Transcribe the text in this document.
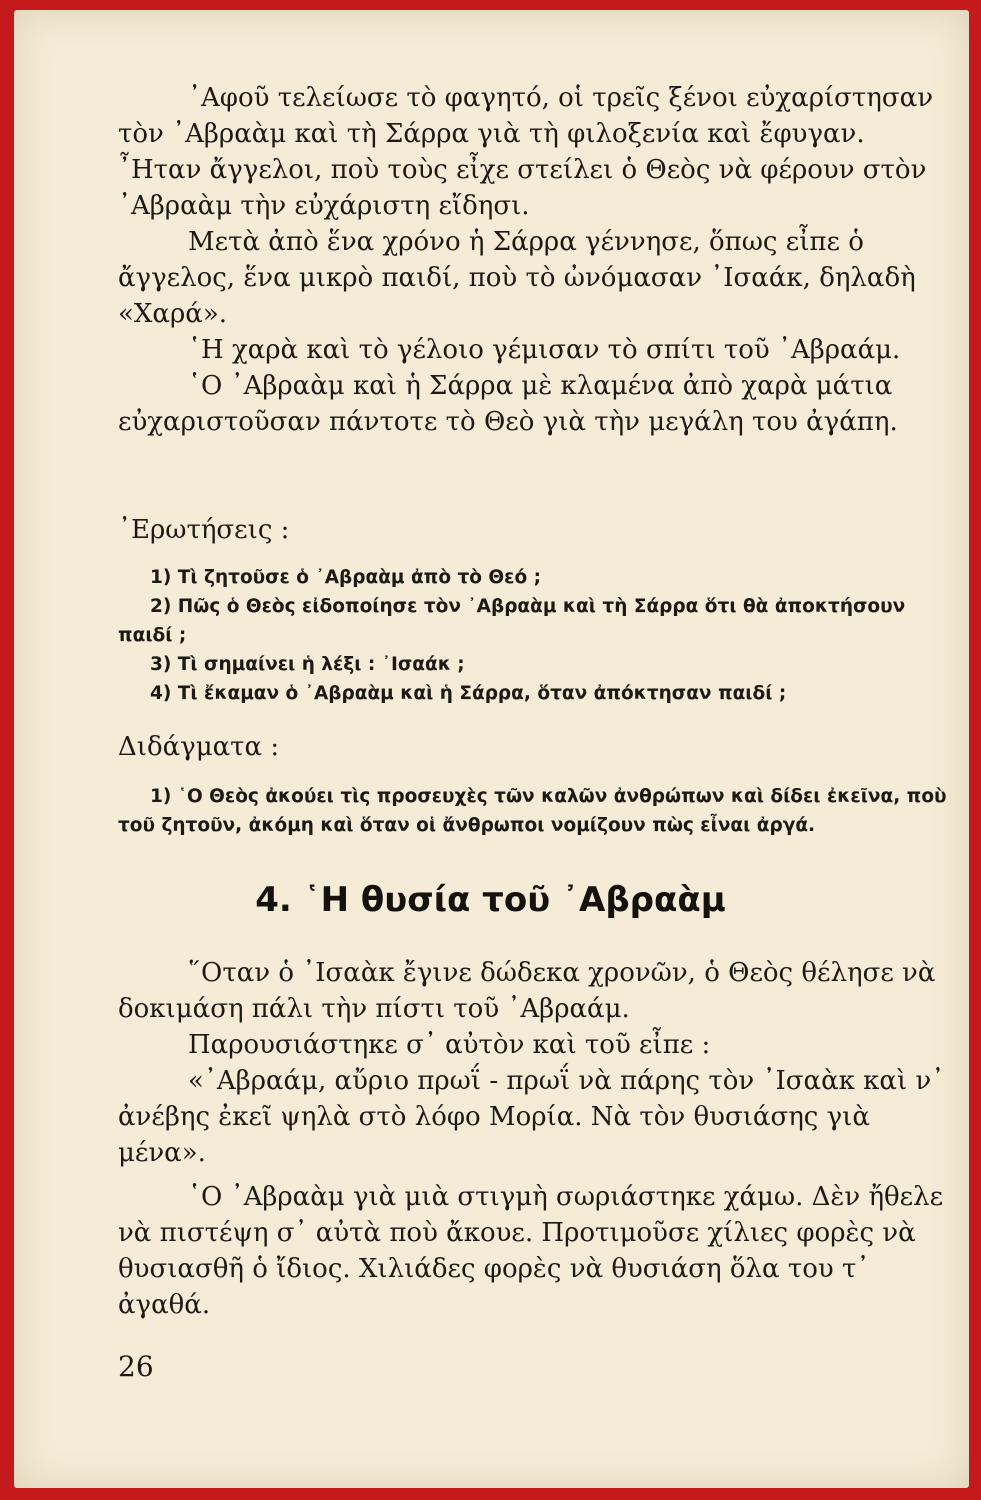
᾿Αφοῦ τελείωσε τὸ φαγητό, οἱ τρεῖς ξένοι εὐχαρίστησαν τὸν ᾿Αβραὰμ καὶ τὴ Σάρρα γιὰ τὴ φιλοξενία καὶ ἔφυγαν. ῏Ηταν ἄγγελοι, ποὺ τοὺς εἶχε στείλει ὁ Θεὸς νὰ φέρουν στὸν ᾿Αβραὰμ τὴν εὐχάριστη εἴδησι.

Μετὰ ἀπὸ ἕνα χρόνο ἡ Σάρρα γέννησε, ὅπως εἶπε ὁ ἄγγελος, ἕνα μικρὸ παιδί, ποὺ τὸ ὠνόμασαν ᾿Ισαάκ, δηλαδὴ «Χαρά».

῾Η χαρὰ καὶ τὸ γέλοιο γέμισαν τὸ σπίτι τοῦ ᾿Αβραάμ.

῾Ο ᾿Αβραὰμ καὶ ἡ Σάρρα μὲ κλαμένα ἀπὸ χαρὰ μάτια εὐχαριστοῦσαν πάντοτε τὸ Θεὸ γιὰ τὴν μεγάλη του ἀγάπη.

᾿Ερωτήσεις :

1) Τὶ ζητοῦσε ὁ ᾿Αβραὰμ ἀπὸ τὸ Θεό ;

2) Πῶς ὁ Θεὸς εἰδοποίησε τὸν ᾿Αβραὰμ καὶ τὴ Σάρρα ὅτι θὰ ἀποκτήσουν παιδί ;

3) Τὶ σημαίνει ἡ λέξι : ᾿Ισαάκ ;

4) Τὶ ἔκαμαν ὁ ᾿Αβραὰμ καὶ ἡ Σάρρα, ὅταν ἀπόκτησαν παιδί ;

Διδάγματα :

1) ῾Ο Θεὸς ἀκούει τὶς προσευχὲς τῶν καλῶν ἀνθρώπων καὶ δίδει ἐκεῖνα, ποὺ τοῦ ζητοῦν, ἀκόμη καὶ ὅταν οἱ ἄνθρωποι νομίζουν πὼς εἶναι ἀργά.

4. ῾Η θυσία τοῦ ᾿Αβραὰμ

῞Οταν ὁ ᾿Ισαὰκ ἔγινε δώδεκα χρονῶν, ὁ Θεὸς θέλησε νὰ δοκιμάση πάλι τὴν πίστι τοῦ ᾿Αβραάμ.

Παρουσιάστηκε σ᾿ αὐτὸν καὶ τοῦ εἶπε :

«᾿Αβραάμ, αὔριο πρωΐ - πρωΐ νὰ πάρης τὸν ᾿Ισαὰκ καὶ ν᾿ ἀνέβης ἐκεῖ ψηλὰ στὸ λόφο Μορία. Νὰ τὸν θυσιάσης γιὰ μένα».

῾Ο ᾿Αβραὰμ γιὰ μιὰ στιγμὴ σωριάστηκε χάμω. Δὲν ἤθελε νὰ πιστέψη σ᾿ αὐτὰ ποὺ ἄκουε. Προτιμοῦσε χίλιες φορὲς νὰ θυσιασθῆ ὁ ἴδιος. Χιλιάδες φορὲς νὰ θυσιάση ὅλα του τ᾿ ἀγαθά.

26
